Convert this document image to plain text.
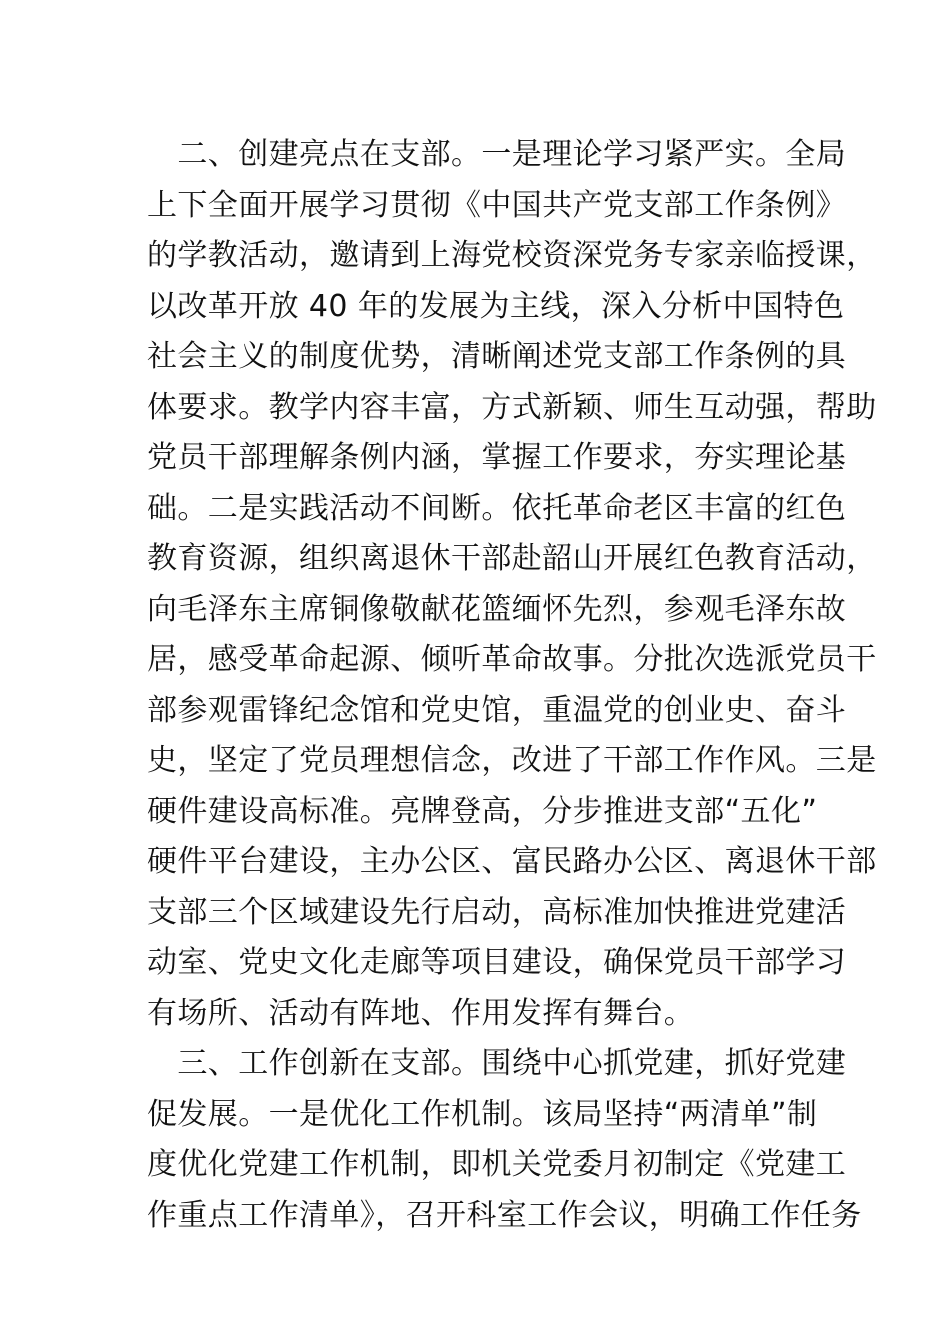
　二、创建亮点在支部。一是理论学习紧严实。全局
上下全面开展学习贯彻《中国共产党支部工作条例》
的学教活动，邀请到上海党校资深党务专家亲临授课，
以改革开放 40 年的发展为主线，深入分析中国特色
社会主义的制度优势，清晰阐述党支部工作条例的具
体要求。教学内容丰富，方式新颖、师生互动强，帮助
党员干部理解条例内涵，掌握工作要求，夯实理论基
础。二是实践活动不间断。依托革命老区丰富的红色
教育资源，组织离退休干部赴韶山开展红色教育活动，
向毛泽东主席铜像敬献花篮缅怀先烈，参观毛泽东故
居，感受革命起源、倾听革命故事。分批次选派党员干
部参观雷锋纪念馆和党史馆，重温党的创业史、奋斗
史，坚定了党员理想信念，改进了干部工作作风。三是
硬件建设高标准。亮牌登高，分步推进支部“五化”
硬件平台建设，主办公区、富民路办公区、离退休干部
支部三个区域建设先行启动，高标准加快推进党建活
动室、党史文化走廊等项目建设，确保党员干部学习
有场所、活动有阵地、作用发挥有舞台。
　三、工作创新在支部。围绕中心抓党建，抓好党建
促发展。一是优化工作机制。该局坚持“两清单”制
度优化党建工作机制，即机关党委月初制定《党建工
作重点工作清单》，召开科室工作会议，明确工作任务
